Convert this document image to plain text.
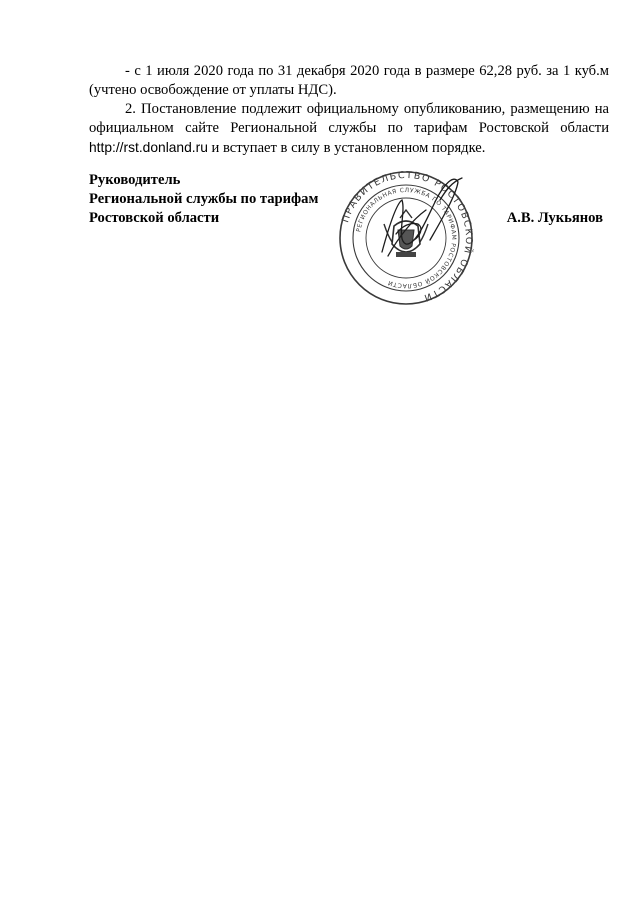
- с 1 июля 2020 года по 31 декабря 2020 года в размере 62,28 руб. за 1 куб.м (учтено освобождение от уплаты НДС).

2. Постановление подлежит официальному опубликованию, размещению на официальном сайте Региональной службы по тарифам Ростовской области http://rst.donland.ru и вступает в силу в установленном порядке.

Руководитель
Региональной службы по тарифам
Ростовской области	А.В. Лукьянов
ПРАВИТЕЛЬСТВО РОСТОВСКОЙ ОБЛАСТИ
РЕГИОНАЛЬНАЯ СЛУЖБА ПО ТАРИФАМ РОСТОВСКОЙ ОБЛАСТИ
